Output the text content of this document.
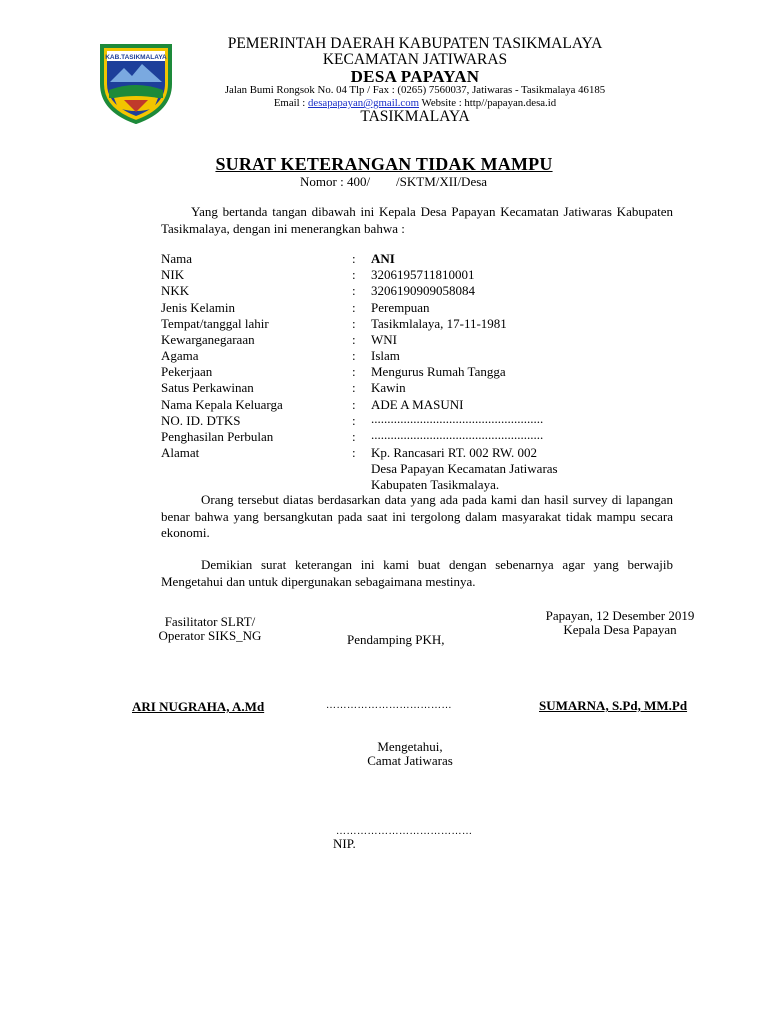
KAB.TASIKMALAYA
PEMERINTAH DAERAH KABUPATEN TASIKMALAYA
KECAMATAN JATIWARAS
DESA PAPAYAN
Jalan Bumi Rongsok No. 04 Tlp / Fax : (0265) 7560037, Jatiwaras - Tasikmalaya 46185
Email : desapapayan@gmail.com Website : http//papayan.desa.id
TASIKMALAYA
SURAT KETERANGAN TIDAK MAMPU
Nomor : 400/        /SKTM/XII/Desa
Yang bertanda tangan dibawah ini Kepala Desa Papayan Kecamatan Jatiwaras Kabupaten Tasikmalaya, dengan ini menerangkan bahwa :
Nama	: ANI
NIK	: 3206195711810001
NKK	: 3206190909058084
Jenis Kelamin	: Perempuan
Tempat/tanggal lahir	: Tasikmlalaya, 17-11-1981
Kewarganegaraan	: WNI
Agama	: Islam
Pekerjaan	: Mengurus Rumah Tangga
Satus Perkawinan	: Kawin
Nama Kepala Keluarga	: ADE A MASUNI
NO. ID. DTKS	: .....................................................
Penghasilan Perbulan	: .....................................................
Alamat	: Kp. Rancasari RT. 002 RW. 002
Desa Papayan Kecamatan Jatiwaras
Kabupaten Tasikmalaya.
Orang tersebut diatas berdasarkan data yang ada pada kami dan hasil survey di lapangan benar bahwa yang bersangkutan pada saat ini tergolong dalam masyarakat tidak mampu secara ekonomi.
Demikian surat keterangan ini kami buat dengan sebenarnya agar yang berwajib Mengetahui dan untuk dipergunakan sebagaimana mestinya.
Fasilitator SLRT/
Operator SIKS_NG	Pendamping PKH,
Papayan, 12 Desember 2019
Kepala Desa Papayan
ARI NUGRAHA, A.Md	………………………………	SUMARNA, S.Pd, MM.Pd
Mengetahui,
Camat Jatiwaras
…………………………………
NIP.
